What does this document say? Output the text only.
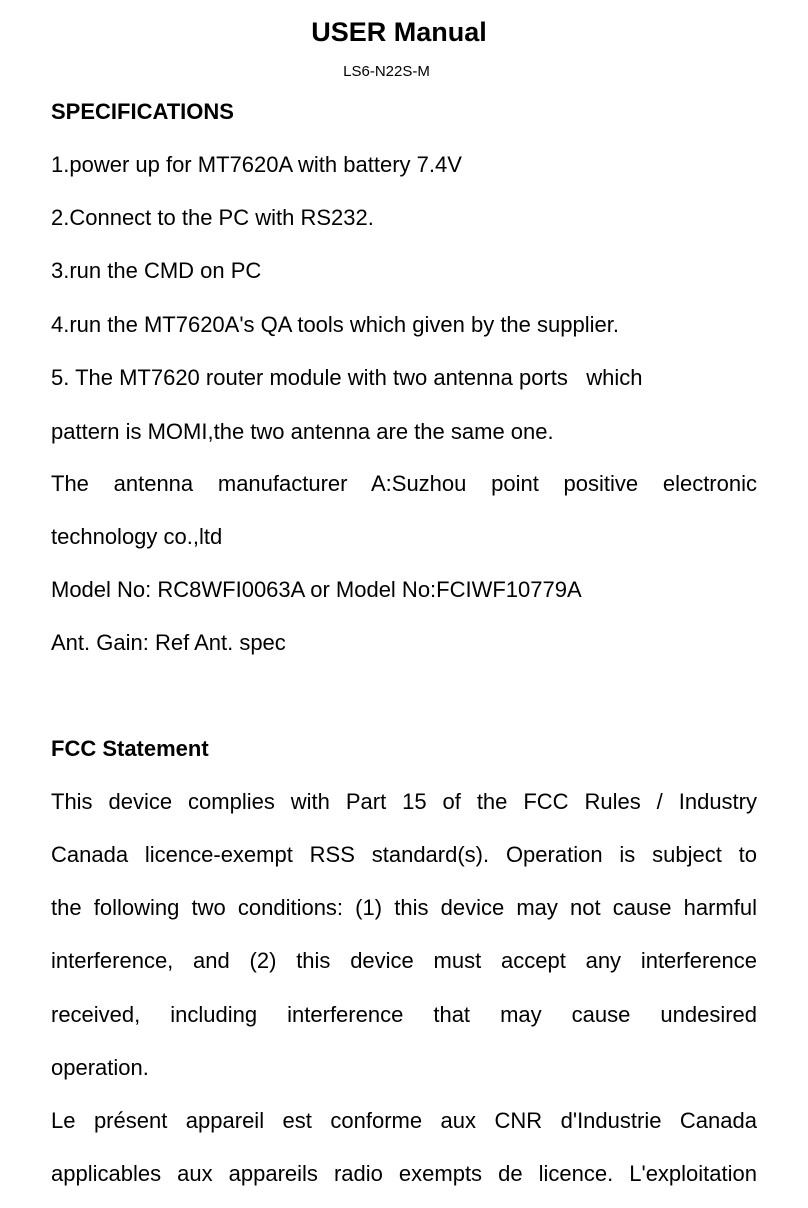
USER Manual
LS6-N22S-M
SPECIFICATIONS
1.power up for MT7620A with battery 7.4V
2.Connect to the PC with RS232.
3.run the CMD on PC
4.run the MT7620A's QA tools which given by the supplier.
5. The MT7620 router module with two antenna ports   which
pattern is MOMI,the two antenna are the same one.
The antenna manufacturer A:Suzhou point positive electronic
technology co.,ltd
Model No: RC8WFI0063A or Model No:FCIWF10779A
Ant. Gain: Ref Ant. spec
FCC Statement
This device complies with Part 15 of the FCC Rules / Industry
Canada licence-exempt RSS standard(s). Operation is subject to
the following two conditions: (1) this device may not cause harmful
interference, and (2) this device must accept any interference
received, including interference that may cause undesired
operation.
Le présent appareil est conforme aux CNR d'Industrie Canada
applicables aux appareils radio exempts de licence. L'exploitation
